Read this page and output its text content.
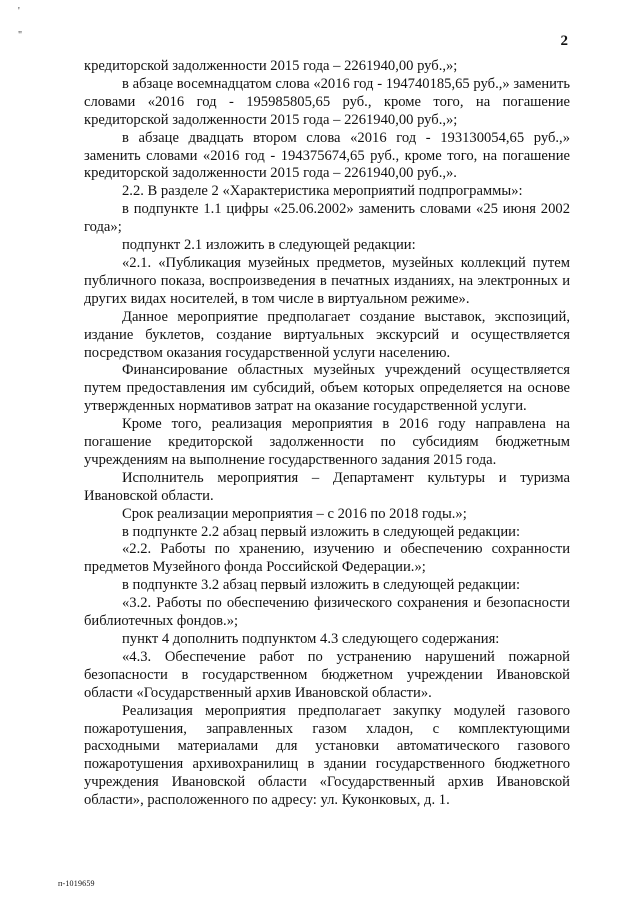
'
"	2

кредиторской задолженности 2015 года – 2261940,00 руб.,»;

в абзаце восемнадцатом слова «2016 год - 194740185,65 руб.,» заменить словами «2016 год - 195985805,65 руб., кроме того, на погашение кредиторской задолженности 2015 года – 2261940,00 руб.,»;

в абзаце двадцать втором слова «2016 год - 193130054,65 руб.,» заменить словами «2016 год - 194375674,65 руб., кроме того, на погашение кредиторской задолженности 2015 года – 2261940,00 руб.,».

2.2. В разделе 2 «Характеристика мероприятий подпрограммы»:

в подпункте 1.1 цифры «25.06.2002» заменить словами «25 июня 2002 года»;

подпункт 2.1 изложить в следующей редакции:

«2.1. «Публикация музейных предметов, музейных коллекций путем публичного показа, воспроизведения в печатных изданиях, на электронных и других видах носителей, в том числе в виртуальном режиме».

Данное мероприятие предполагает создание выставок, экспозиций, издание буклетов, создание виртуальных экскурсий и осуществляется посредством оказания государственной услуги населению.

Финансирование областных музейных учреждений осуществляется путем предоставления им субсидий, объем которых определяется на основе утвержденных нормативов затрат на оказание государственной услуги.

Кроме того, реализация мероприятия в 2016 году направлена на погашение кредиторской задолженности по субсидиям бюджетным учреждениям на выполнение государственного задания 2015 года.

Исполнитель мероприятия – Департамент культуры и туризма Ивановской области.

Срок реализации мероприятия – с 2016 по 2018 годы.»;

в подпункте 2.2 абзац первый изложить в следующей редакции:

«2.2. Работы по хранению, изучению и обеспечению сохранности предметов Музейного фонда Российской Федерации.»;

в подпункте 3.2 абзац первый изложить в следующей редакции:

«3.2. Работы по обеспечению физического сохранения и безопасности библиотечных фондов.»;

пункт 4 дополнить подпунктом 4.3 следующего содержания:

«4.3. Обеспечение работ по устранению нарушений пожарной безопасности в государственном бюджетном учреждении Ивановской области «Государственный архив Ивановской области».

Реализация мероприятия предполагает закупку модулей газового пожаротушения, заправленных газом хладон, с комплектующими расходными материалами для установки автоматического газового пожаротушения архивохранилищ в здании государственного бюджетного учреждения Ивановской области «Государственный архив Ивановской области», расположенного по адресу: ул. Куконковых, д. 1.

п-1019659
